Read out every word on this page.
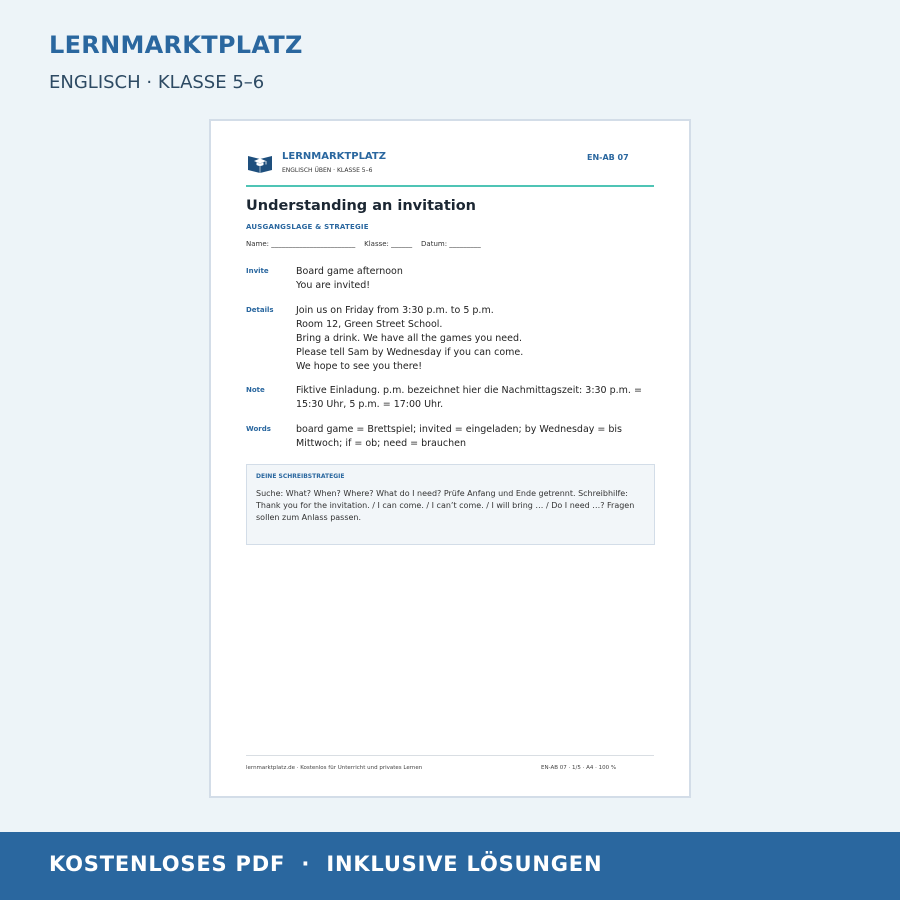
LERNMARKTPLATZ
ENGLISCH · KLASSE 5–6
LERNMARKTPLATZ
ENGLISCH ÜBEN · KLASSE 5–6
EN-AB 07
Understanding an invitation
AUSGANGSLAGE & STRATEGIE
Name: ________________________    Klasse: ______    Datum: _________
Invite	Board game afternoon
You are invited!
Details Join us on Friday from 3:30 p.m. to 5 p.m.
Room 12, Green Street School.
Bring a drink. We have all the games you need.
Please tell Sam by Wednesday if you can come.
We hope to see you there!
Note	Fiktive Einladung. p.m. bezeichnet hier die Nachmittagszeit: 3:30 p.m. =
15:30 Uhr, 5 p.m. = 17:00 Uhr.
Words	board game = Brettspiel; invited = eingeladen; by Wednesday = bis
Mittwoch; if = ob; need = brauchen
DEINE SCHREIBSTRATEGIE
Suche: What? When? Where? What do I need? Prüfe Anfang und Ende getrennt. Schreibhilfe: Thank you for the invitation. / I can come. / I can’t come. / I will bring … / Do I need …? Fragen sollen zum Anlass passen.
lernmarktplatz.de · Kostenlos für Unterricht und privates Lernen	EN-AB 07 · 1/5 · A4 · 100 %
KOSTENLOSES PDF  ·  INKLUSIVE LÖSUNGEN
